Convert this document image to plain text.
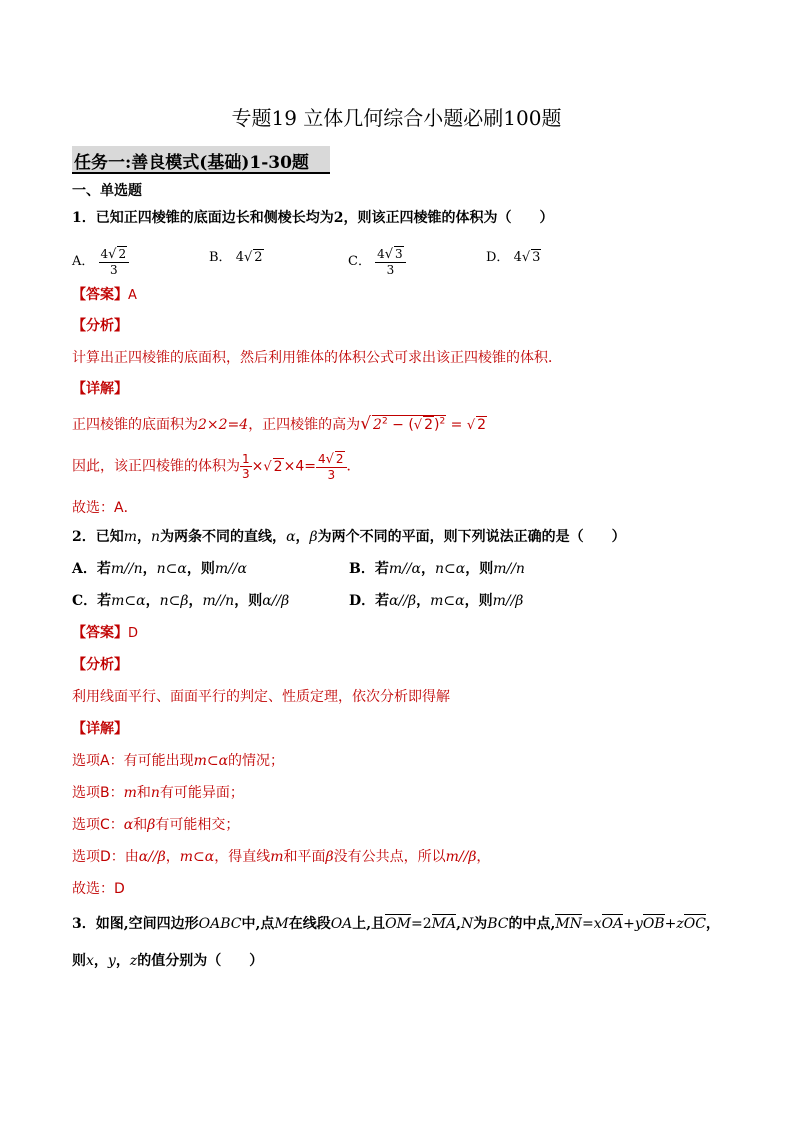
专题19 立体几何综合小题必刷100题
任务一:善良模式(基础)1-30题
一、单选题
1．已知正四棱锥的底面边长和侧棱长均为2，则该正四棱锥的体积为（　　）
A． $\frac{4√ 2}{3}$	B． 4√ 2	C． $\frac{4√ 3}{3}$	D． 4√ 3
【答案】A
【分析】
计算出正四棱锥的底面积，然后利用锥体的体积公式可求出该正四棱锥的体积．
【详解】
正四棱锥的底面积为2×2=4，正四棱锥的高为√ $2^2$ − (√ 2)$^2$ = √ 2
因此，该正四棱锥的体积为 $\frac{1}{3}$ ×√ $2\times 4= \frac{4√ 2}{3}$ ．
故选：A．
2．已知m，n为两条不同的直线，α，β为两个不同的平面，则下列说法正确的是（　　）
A．若m//n，n⊂α，则m//α	B．若m//α，n⊂α，则m//n
C．若m⊂α，n⊂β，m//n，则α//β	D．若α//β，m⊂α，则m//β
【答案】D
【分析】
利用线面平行、面面平行的判定、性质定理，依次分析即得解
【详解】
选项A：有可能出现m⊂α的情况；
选项B：m和n有可能异面；
选项C：α和β有可能相交；
选项D：由α//β，m⊂α，得直线m和平面β没有公共点，所以m//β，
故选：D
3．如图,空间四边形OABC中,点M在线段OA上,且OM=2MA,N为BC的中点,MN=xOA+yOB+zOC，
则x，y，z的值分别为（　　）
